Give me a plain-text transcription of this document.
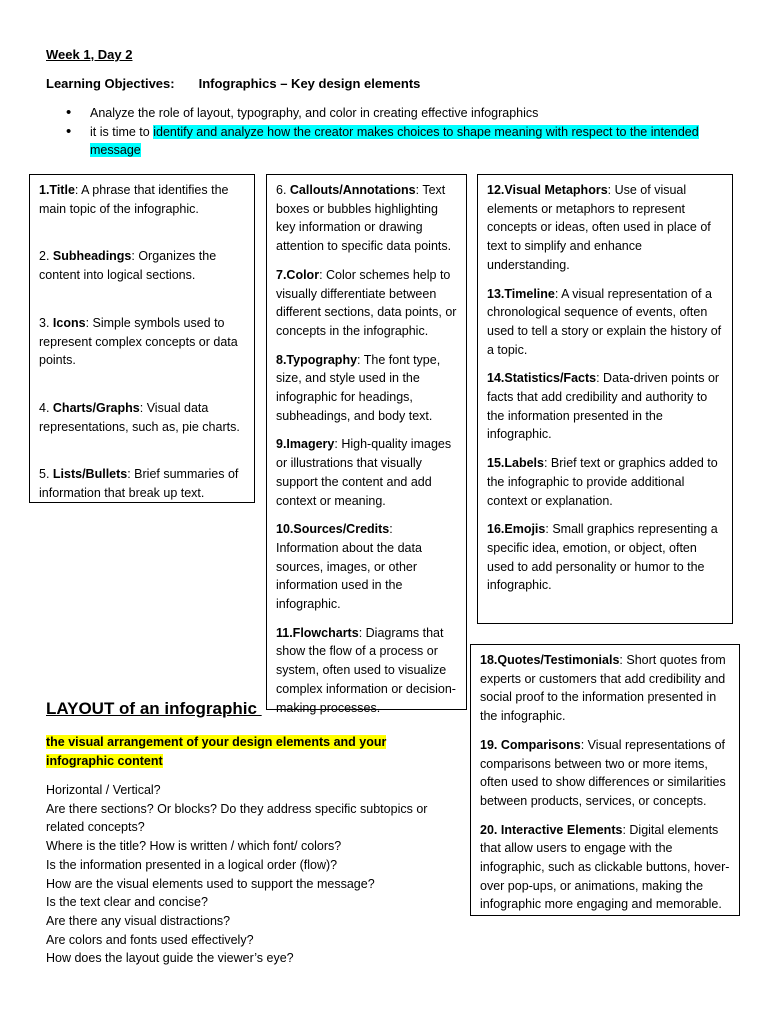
Week 1, Day 2
Learning Objectives: Infographics – Key design elements
• Analyze the role of layout, typography, and color in creating effective infographics
• it is time to identify and analyze how the creator makes choices to shape meaning with respect to the intended message

1.Title: A phrase that identifies the main topic of the infographic.

2. Subheadings: Organizes the content into logical sections.

3. Icons: Simple symbols used to represent complex concepts or data points.

4. Charts/Graphs: Visual data representations, such as, pie charts.

5. Lists/Bullets: Brief summaries of information that break up text.

6. Callouts/Annotations: Text boxes or bubbles highlighting key information or drawing attention to specific data points.

7.Color: Color schemes help to visually differentiate between different sections, data points, or concepts in the infographic.

8.Typography: The font type, size, and style used in the infographic for headings, subheadings, and body text.

9.Imagery: High-quality images or illustrations that visually support the content and add context or meaning.

10.Sources/Credits: Information about the data sources, images, or other information used in the infographic.

11.Flowcharts: Diagrams that show the flow of a process or system, often used to visualize complex information or decision-making processes.

12.Visual Metaphors: Use of visual elements or metaphors to represent concepts or ideas, often used in place of text to simplify and enhance understanding.

13.Timeline: A visual representation of a chronological sequence of events, often used to tell a story or explain the history of a topic.

14.Statistics/Facts: Data-driven points or facts that add credibility and authority to the information presented in the infographic.

15.Labels: Brief text or graphics added to the infographic to provide additional context or explanation.

16.Emojis: Small graphics representing a specific idea, emotion, or object, often used to add personality or humor to the infographic.

18.Quotes/Testimonials: Short quotes from experts or customers that add credibility and social proof to the information presented in the infographic.

19. Comparisons: Visual representations of comparisons between two or more items, often used to show differences or similarities between products, services, or concepts.

20. Interactive Elements: Digital elements that allow users to engage with the infographic, such as clickable buttons, hover-over pop-ups, or animations, making the infographic more engaging and memorable.

LAYOUT of an infographic
the visual arrangement of your design elements and your infographic content
Horizontal / Vertical?
Are there sections? Or blocks? Do they address specific subtopics or related concepts?
Where is the title? How is written / which font/ colors?
Is the information presented in a logical order (flow)?
How are the visual elements used to support the message?
Is the text clear and concise?
Are there any visual distractions?
Are colors and fonts used effectively?
How does the layout guide the viewer’s eye?
